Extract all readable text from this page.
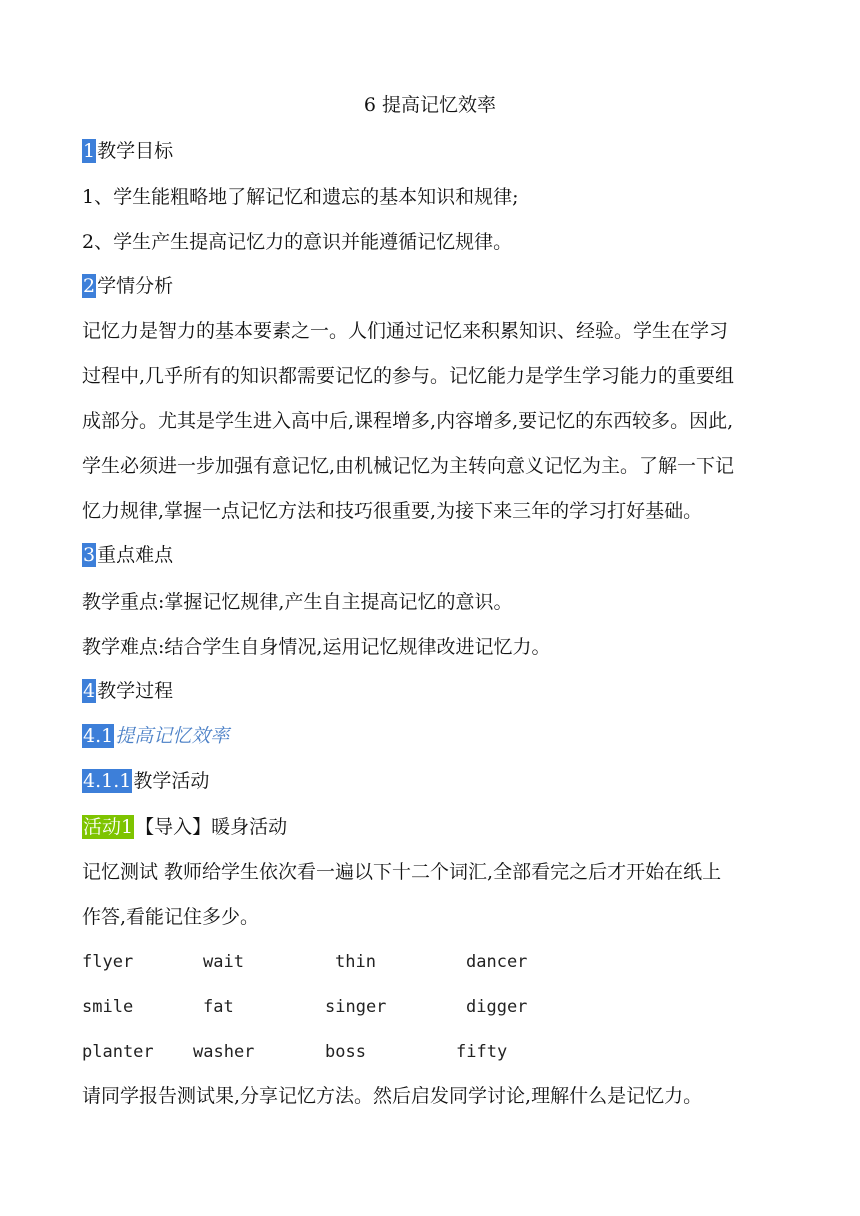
6 提高记忆效率
1 教学目标
1、学生能粗略地了解记忆和遗忘的基本知识和规律;
2、学生产生提高记忆力的意识并能遵循记忆规律。
2 学情分析
记忆力是智力的基本要素之一。人们通过记忆来积累知识、经验。学生在学习
过程中,几乎所有的知识都需要记忆的参与。记忆能力是学生学习能力的重要组
成部分。尤其是学生进入高中后,课程增多,内容增多,要记忆的东西较多。因此,
学生必须进一步加强有意记忆,由机械记忆为主转向意义记忆为主。了解一下记
忆力规律,掌握一点记忆方法和技巧很重要,为接下来三年的学习打好基础。
3 重点难点
教学重点:掌握记忆规律,产生自主提高记忆的意识。
教学难点:结合学生自身情况,运用记忆规律改进记忆力。
4 教学过程
4.1 提高记忆效率
4.1.1 教学活动
活动1 【导入】暖身活动
记忆测试 教师给学生依次看一遍以下十二个词汇,全部看完之后才开始在纸上
作答,看能记住多少。
flyer	wait	thin	dancer
smile	fat	singer	digger
planter washer	boss	fifty
请同学报告测试果,分享记忆方法。然后启发同学讨论,理解什么是记忆力。
